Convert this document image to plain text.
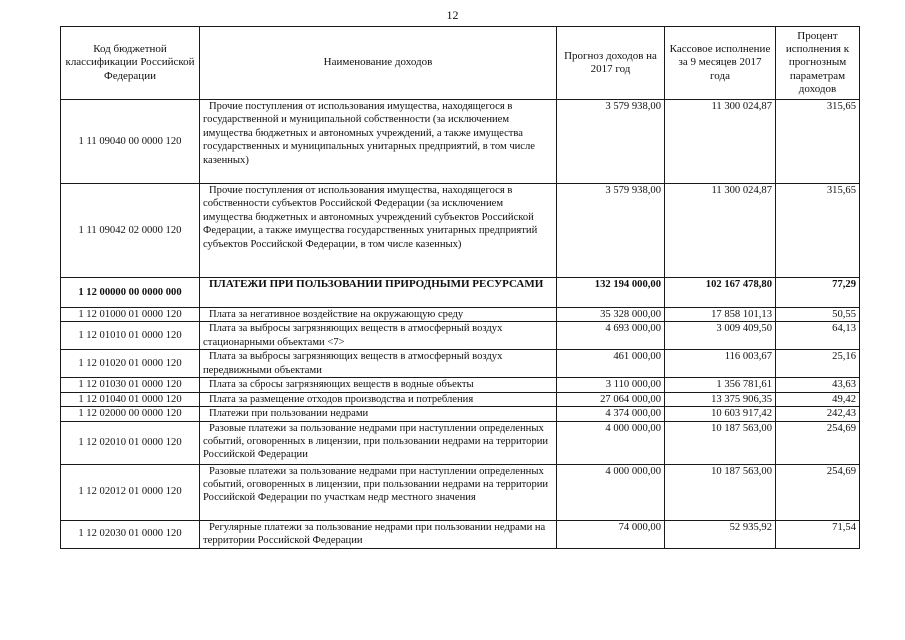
12
Код бюджетной классификации Российской Федерации	Наименование доходов	Прогноз доходов на 2017 год	Кассовое исполнение за 9 месяцев 2017 года	Процент исполнения к прогнозным параметрам доходов
1 11 09040 00 0000 120	Прочие поступления от использования имущества, находящегося в государственной и муниципальной собственности (за исключением имущества бюджетных и автономных учреждений, а также имущества государственных и муниципальных унитарных предприятий, в том числе казенных)	3 579 938,00	11 300 024,87	315,65
1 11 09042 02 0000 120	Прочие поступления от использования имущества, находящегося в собственности субъектов Российской Федерации (за исключением имущества бюджетных и автономных учреждений субъектов Российской Федерации, а также имущества государственных унитарных предприятий субъектов Российской Федерации, в том числе казенных)	3 579 938,00	11 300 024,87	315,65
1 12 00000 00 0000 000	ПЛАТЕЖИ ПРИ ПОЛЬЗОВАНИИ ПРИРОДНЫМИ РЕСУРСАМИ	132 194 000,00	102 167 478,80	77,29
1 12 01000 01 0000 120	Плата за негативное воздействие на окружающую среду	35 328 000,00	17 858 101,13	50,55
1 12 01010 01 0000 120	Плата за выбросы загрязняющих веществ в атмосферный воздух стационарными объектами <7>	4 693 000,00	3 009 409,50	64,13
1 12 01020 01 0000 120	Плата за выбросы загрязняющих веществ в атмосферный воздух передвижными объектами	461 000,00	116 003,67	25,16
1 12 01030 01 0000 120	Плата за сбросы загрязняющих веществ в водные объекты	3 110 000,00	1 356 781,61	43,63
1 12 01040 01 0000 120	Плата за размещение отходов производства и потребления	27 064 000,00	13 375 906,35	49,42
1 12 02000 00 0000 120	Платежи при пользовании недрами	4 374 000,00	10 603 917,42	242,43
1 12 02010 01 0000 120	Разовые платежи за пользование недрами при наступлении определенных событий, оговоренных в лицензии, при пользовании недрами на территории Российской Федерации	4 000 000,00	10 187 563,00	254,69
1 12 02012 01 0000 120	Разовые платежи за пользование недрами при наступлении определенных событий, оговоренных в лицензии, при пользовании недрами на территории Российской Федерации по участкам недр местного значения	4 000 000,00	10 187 563,00	254,69
1 12 02030 01 0000 120	Регулярные платежи за пользование недрами при пользовании недрами на территории Российской Федерации	74 000,00	52 935,92	71,54
